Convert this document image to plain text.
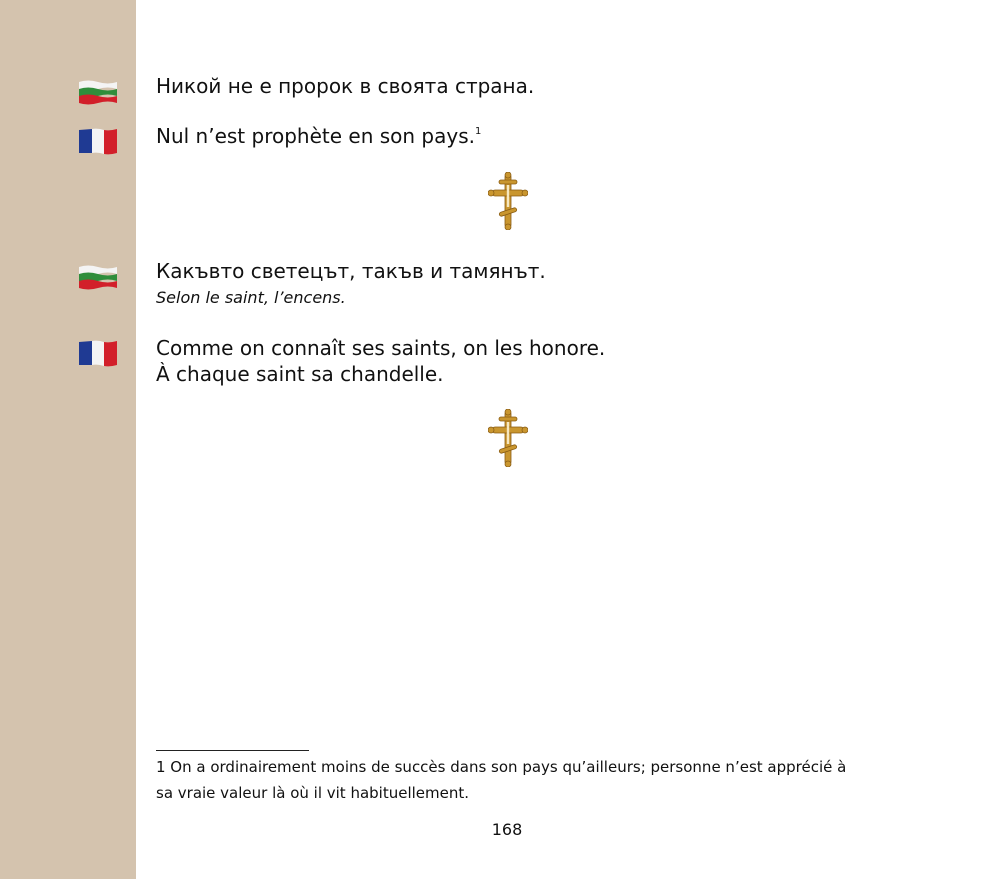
Никой не е пророк в своята страна.
Nul n’est prophète en son pays.$^1$
Какъвто светецът, такъв и тамянът.
Selon le saint, l’encens.
Comme on connaît ses saints, on les honore.
À chaque saint sa chandelle.
1 On a ordinairement moins de succès dans son pays qu’ailleurs; personne n’est apprécié à sa vraie valeur là où il vit habituellement.
168
